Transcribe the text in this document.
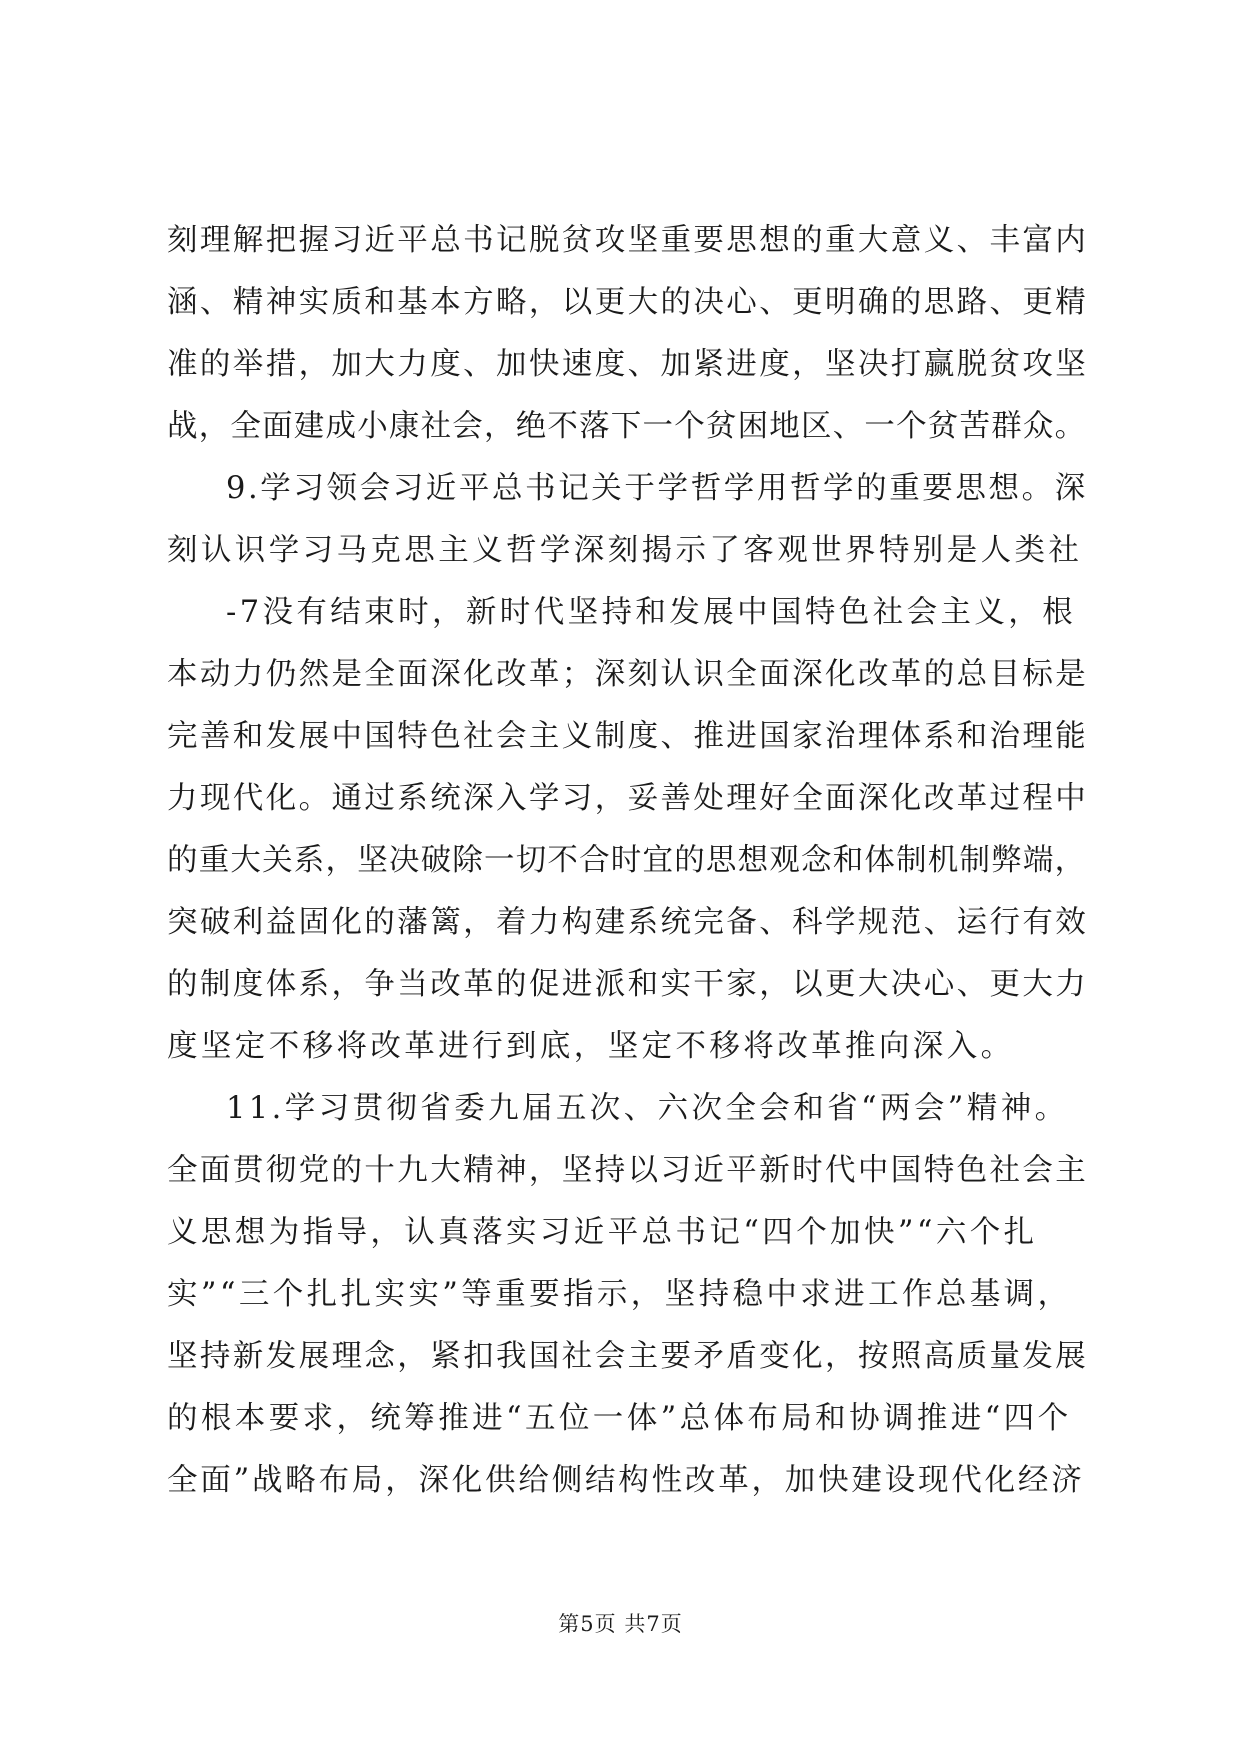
刻理解把握习近平总书记脱贫攻坚重要思想的重大意义、丰富内
涵、精神实质和基本方略，以更大的决心、更明确的思路、更精
准的举措，加大力度、加快速度、加紧进度，坚决打赢脱贫攻坚
战，全面建成小康社会，绝不落下一个贫困地区、一个贫苦群众。
9.学习领会习近平总书记关于学哲学用哲学的重要思想。深
刻认识学习马克思主义哲学深刻揭示了客观世界特别是人类社
-7没有结束时，新时代坚持和发展中国特色社会主义，根
本动力仍然是全面深化改革；深刻认识全面深化改革的总目标是
完善和发展中国特色社会主义制度、推进国家治理体系和治理能
力现代化。通过系统深入学习，妥善处理好全面深化改革过程中
的重大关系，坚决破除一切不合时宜的思想观念和体制机制弊端，
突破利益固化的藩篱，着力构建系统完备、科学规范、运行有效
的制度体系，争当改革的促进派和实干家，以更大决心、更大力
度坚定不移将改革进行到底，坚定不移将改革推向深入。
11.学习贯彻省委九届五次、六次全会和省“两会”精神。
全面贯彻党的十九大精神，坚持以习近平新时代中国特色社会主
义思想为指导，认真落实习近平总书记“四个加快”“六个扎
实”“三个扎扎实实”等重要指示，坚持稳中求进工作总基调，
坚持新发展理念，紧扣我国社会主要矛盾变化，按照高质量发展
的根本要求，统筹推进“五位一体”总体布局和协调推进“四个
全面”战略布局，深化供给侧结构性改革，加快建设现代化经济
第5页 共7页
